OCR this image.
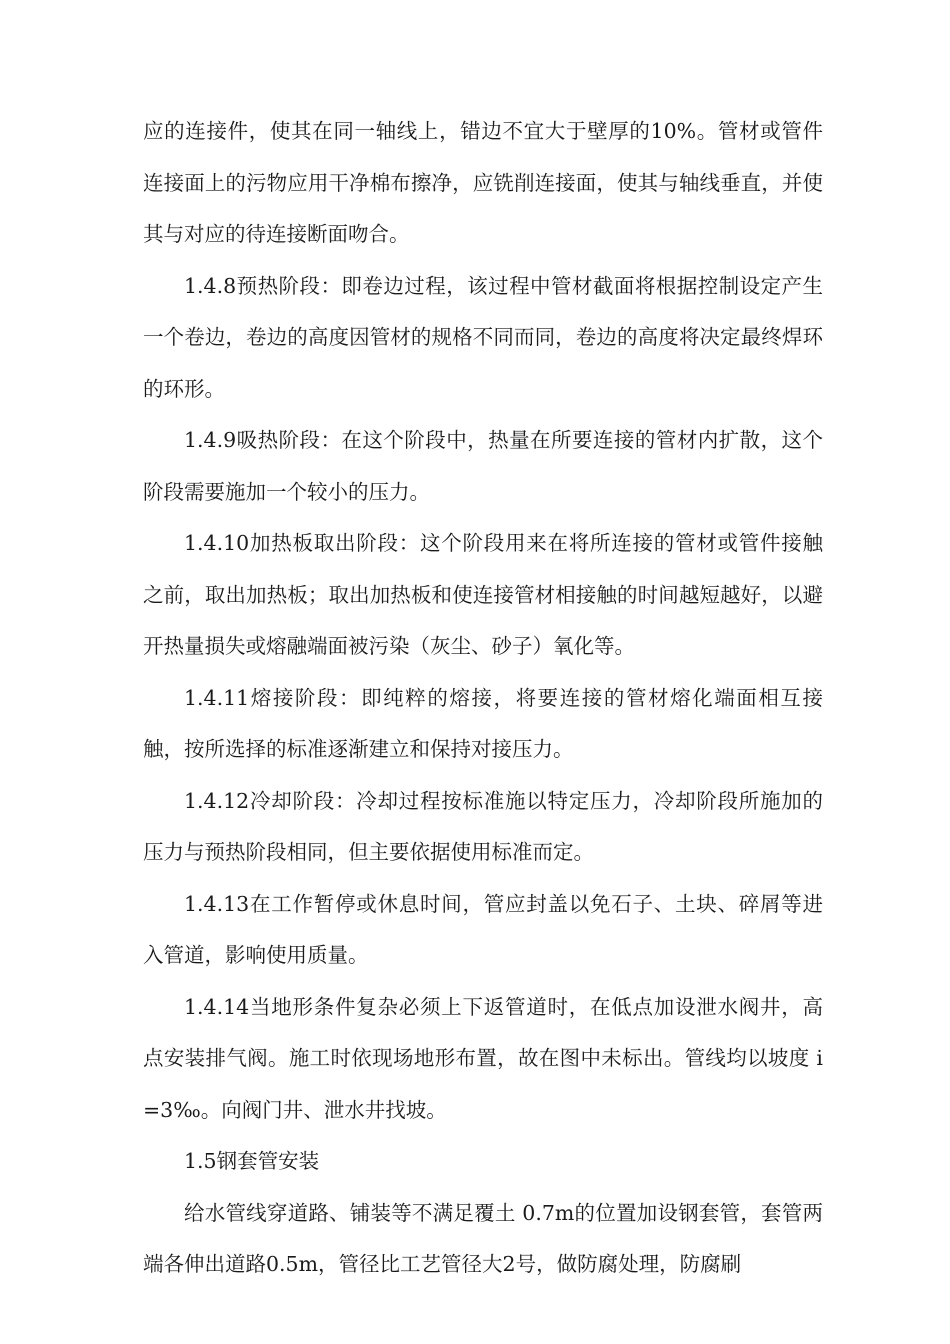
应的连接件，使其在同一轴线上，错边不宜大于壁厚的10%。管材或管件连接面上的污物应用干净棉布擦净，应铣削连接面，使其与轴线垂直，并使其与对应的待连接断面吻合。

1.4.8预热阶段：即卷边过程，该过程中管材截面将根据控制设定产生一个卷边，卷边的高度因管材的规格不同而同，卷边的高度将决定最终焊环的环形。

1.4.9吸热阶段：在这个阶段中，热量在所要连接的管材内扩散，这个阶段需要施加一个较小的压力。

1.4.10加热板取出阶段：这个阶段用来在将所连接的管材或管件接触之前，取出加热板；取出加热板和使连接管材相接触的时间越短越好，以避开热量损失或熔融端面被污染（灰尘、砂子）氧化等。

1.4.11熔接阶段：即纯粹的熔接，将要连接的管材熔化端面相互接触，按所选择的标准逐渐建立和保持对接压力。

1.4.12冷却阶段：冷却过程按标准施以特定压力，冷却阶段所施加的压力与预热阶段相同，但主要依据使用标准而定。

1.4.13在工作暂停或休息时间，管应封盖以免石子、土块、碎屑等进入管道，影响使用质量。

1.4.14当地形条件复杂必须上下返管道时，在低点加设泄水阀井，高点安装排气阀。施工时依现场地形布置，故在图中未标出。管线均以坡度 i=3‰。向阀门井、泄水井找坡。

1.5钢套管安装

给水管线穿道路、铺装等不满足覆土 0.7m的位置加设钢套管，套管两端各伸出道路0.5m，管径比工艺管径大2号，做防腐处理，防腐刷
